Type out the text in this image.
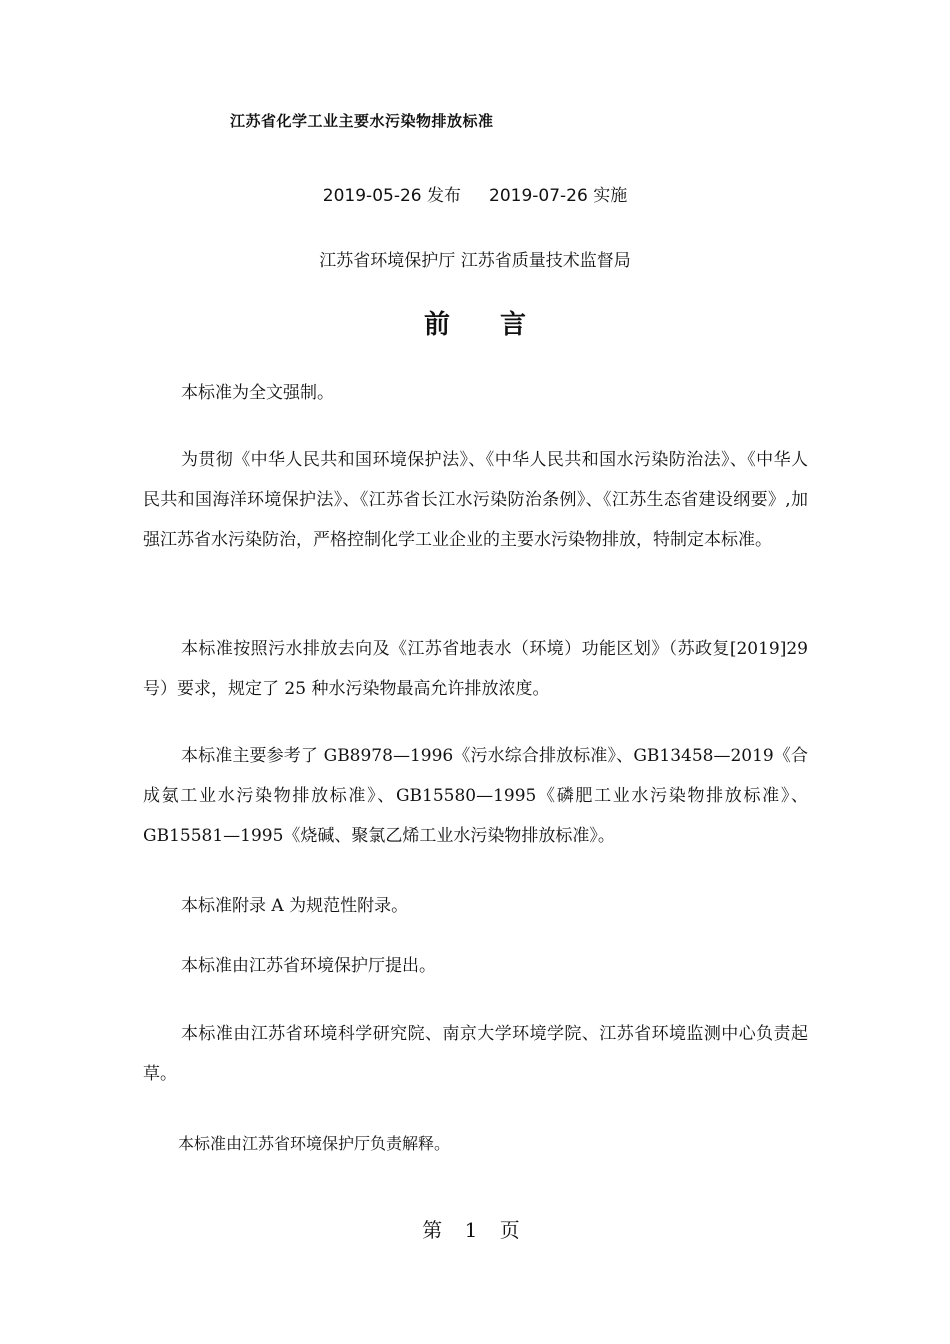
江苏省化学工业主要水污染物排放标准
2019-05-26 发布 2019-07-26 实施
江苏省环境保护厅 江苏省质量技术监督局
前言

本标准为全文强制。

为贯彻《中华人民共和国环境保护法》、《中华人民共和国水污染防治法》、《中华人民共和国海洋环境保护法》、《江苏省长江水污染防治条例》、《江苏生态省建设纲要》,加强江苏省水污染防治，严格控制化学工业企业的主要水污染物排放，特制定本标准。

本标准按照污水排放去向及《江苏省地表水（环境）功能区划》（苏政复[2019]29 号）要求，规定了 25 种水污染物最高允许排放浓度。

本标准主要参考了 GB8978—1996《污水综合排放标准》、GB13458—2019《合成氨工业水污染物排放标准》、GB15580—1995《磷肥工业水污染物排放标准》、GB15581—1995《烧碱、聚氯乙烯工业水污染物排放标准》。

本标准附录 A 为规范性附录。

本标准由江苏省环境保护厅提出。

本标准由江苏省环境科学研究院、南京大学环境学院、江苏省环境监测中心负责起草。

本标准由江苏省环境保护厅负责解释。

第 1 页
